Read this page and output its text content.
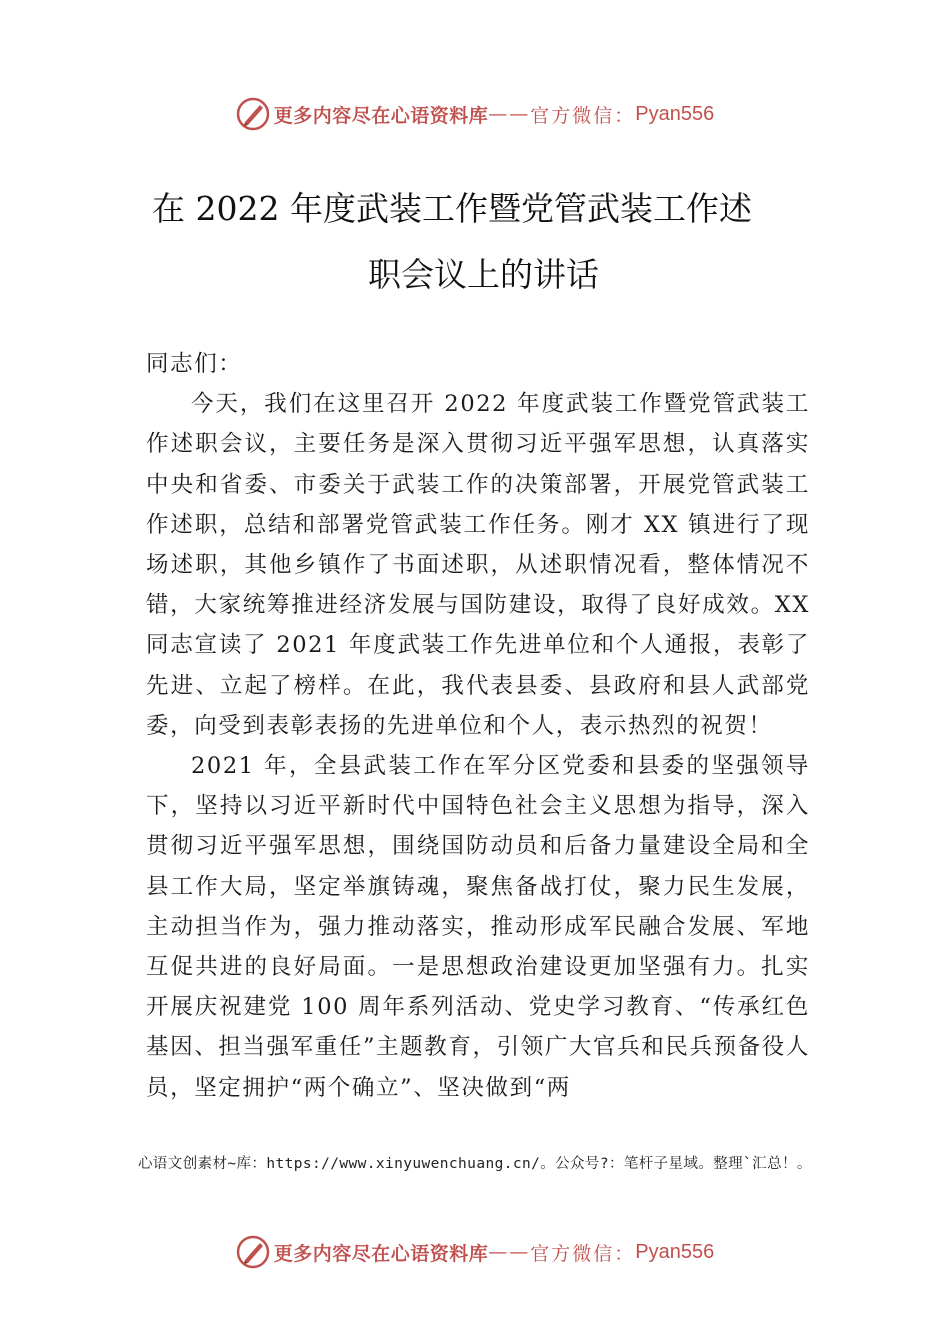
更多内容尽在心语资料库 —— 官方微信： Pyan556
在 2022 年度武装工作暨党管武装工作述
职会议上的讲话

同志们：

今天，我们在这里召开 2022 年度武装工作暨党管武装工作述职会议，主要任务是深入贯彻习近平强军思想，认真落实中央和省委、市委关于武装工作的决策部署，开展党管武装工作述职，总结和部署党管武装工作任务。刚才 XX 镇进行了现场述职，其他乡镇作了书面述职，从述职情况看，整体情况不错，大家统筹推进经济发展与国防建设，取得了良好成效。XX 同志宣读了 2021 年度武装工作先进单位和个人通报，表彰了先进、立起了榜样。在此，我代表县委、县政府和县人武部党委，向受到表彰表扬的先进单位和个人，表示热烈的祝贺！

2021 年，全县武装工作在军分区党委和县委的坚强领导下，坚持以习近平新时代中国特色社会主义思想为指导，深入贯彻习近平强军思想，围绕国防动员和后备力量建设全局和全县工作大局，坚定举旗铸魂，聚焦备战打仗，聚力民生发展，主动担当作为，强力推动落实，推动形成军民融合发展、军地互促共进的良好局面。一是思想政治建设更加坚强有力。扎实开展庆祝建党 100 周年系列活动、党史学习教育、“传承红色基因、担当强军重任”主题教育，引领广大官兵和民兵预备役人员，坚定拥护“两个确立”、坚决做到“两

心语文创素材~库：https://www.xinyuwenchuang.cn/。公众号?：笔杆子星域。整理`汇总！。
更多内容尽在心语资料库 —— 官方微信： Pyan556
